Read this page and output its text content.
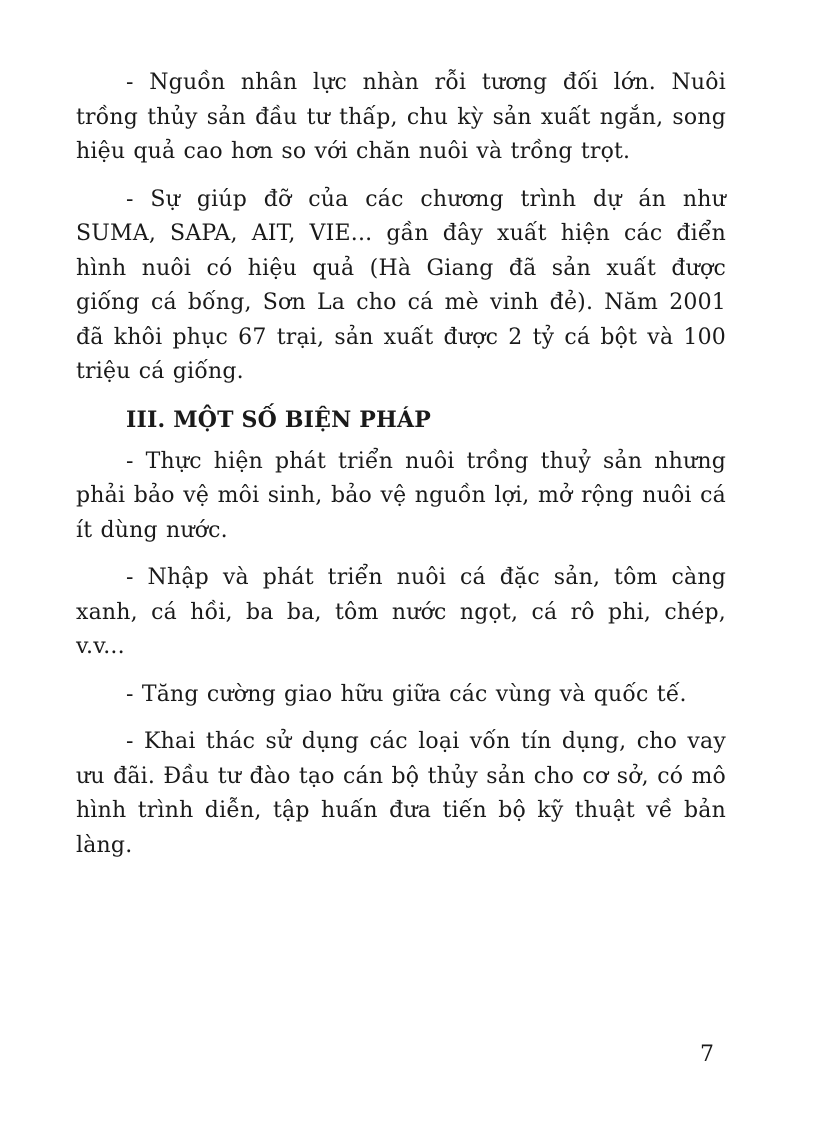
- Nguồn nhân lực nhàn rỗi tương đối lớn. Nuôi trồng thủy sản đầu tư thấp, chu kỳ sản xuất ngắn, song hiệu quả cao hơn so với chăn nuôi và trồng trọt.

- Sự giúp đỡ của các chương trình dự án như SUMA, SAPA, AIT, VIE... gần đây xuất hiện các điển hình nuôi có hiệu quả (Hà Giang đã sản xuất được giống cá bống, Sơn La cho cá mè vinh đẻ). Năm 2001 đã khôi phục 67 trại, sản xuất được 2 tỷ cá bột và 100 triệu cá giống.

III. MỘT SỐ BIỆN PHÁP

- Thực hiện phát triển nuôi trồng thuỷ sản nhưng phải bảo vệ môi sinh, bảo vệ nguồn lợi, mở rộng nuôi cá ít dùng nước.

- Nhập và phát triển nuôi cá đặc sản, tôm càng xanh, cá hồi, ba ba, tôm nước ngọt, cá rô phi, chép, v.v...

- Tăng cường giao hữu giữa các vùng và quốc tế.

- Khai thác sử dụng các loại vốn tín dụng, cho vay ưu đãi. Đầu tư đào tạo cán bộ thủy sản cho cơ sở, có mô hình trình diễn, tập huấn đưa tiến bộ kỹ thuật về bản làng.

7
